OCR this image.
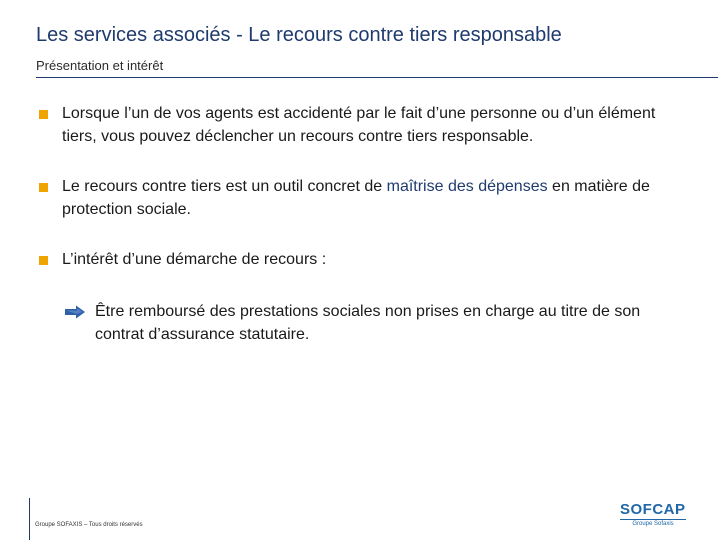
Les services associés - Le recours contre tiers responsable
Présentation et intérêt
Lorsque l’un de vos agents est accidenté par le fait d’une personne ou d’un élément tiers, vous pouvez déclencher un recours contre tiers responsable.
Le recours contre tiers est un outil concret de maîtrise des dépenses en matière de protection sociale.
L’intérêt d’une démarche de recours :
Être remboursé des prestations sociales non prises en charge au titre de son contrat d’assurance statutaire.
Groupe SOFAXIS – Tous droits réservés
SOFCAP
Groupe Sofaxis
